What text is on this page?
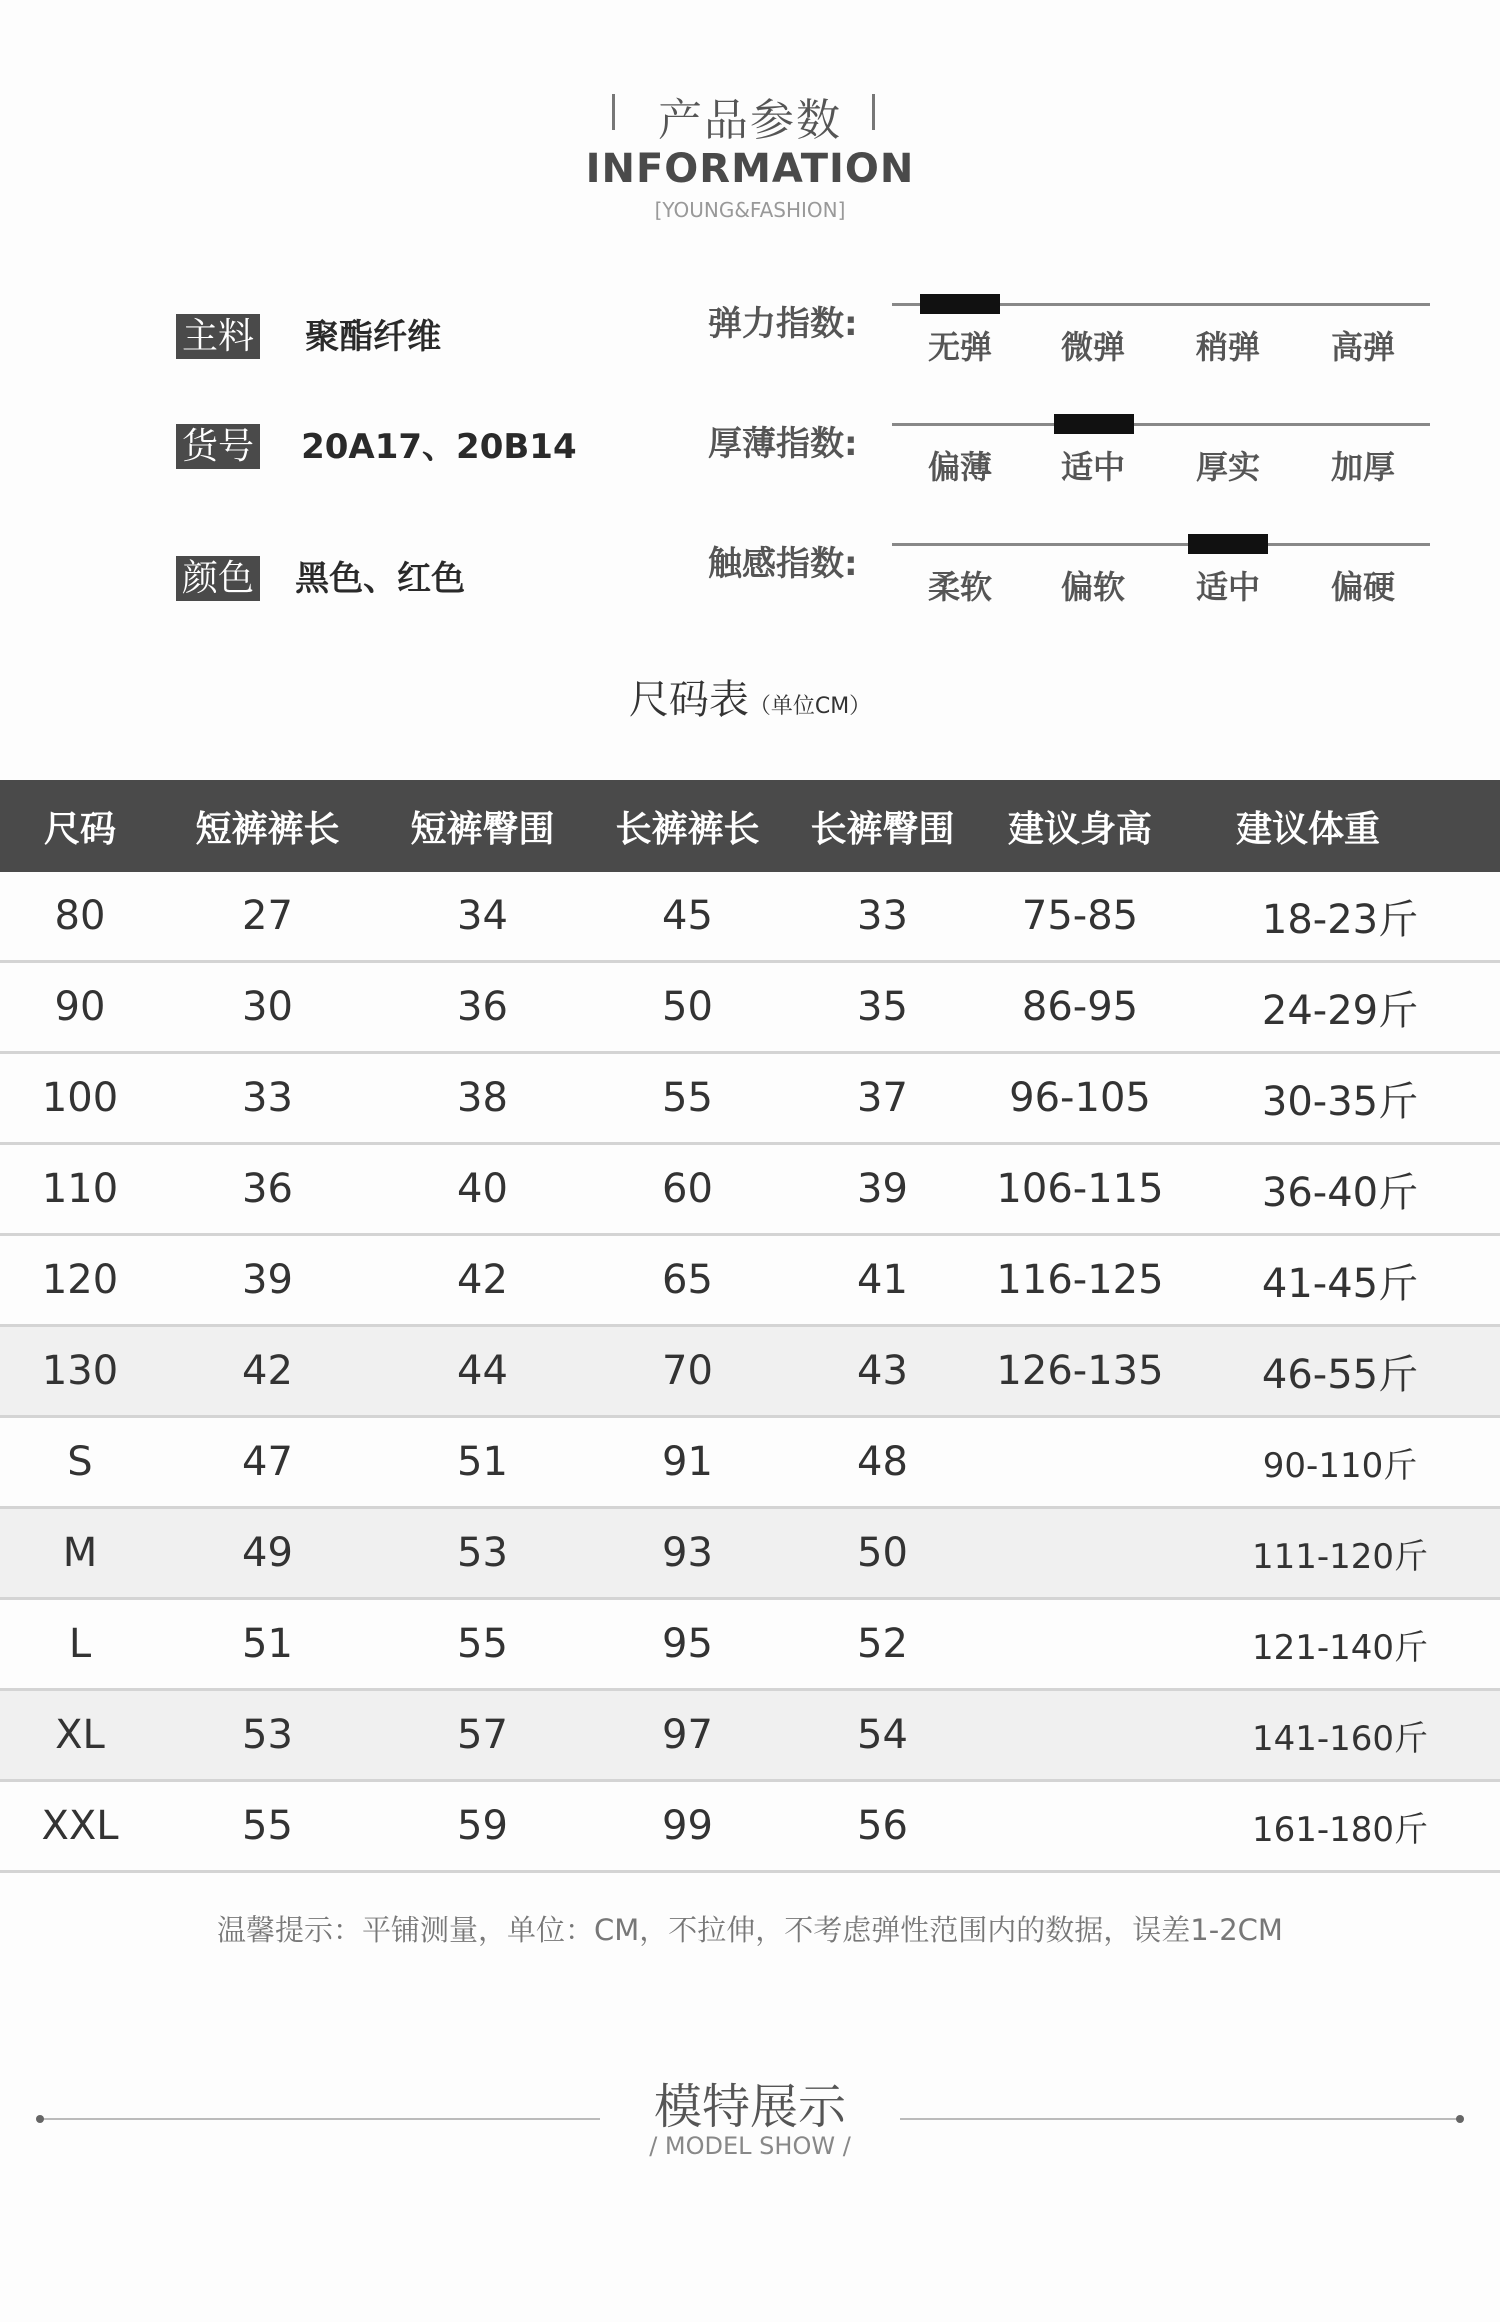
产品参数
INFORMATION
[YOUNG&FASHION]
主料 聚酯纤维
货号 20A17、20B14
颜色 黑色、红色
弹力指数:
无弹	微弹	稍弹	高弹
厚薄指数:
偏薄	适中	厚实	加厚
触感指数:
柔软	偏软	适中	偏硬
尺码表（单位CM）
尺码	短裤裤长	短裤臀围	长裤裤长	长裤臀围	建议身高	建议体重
80	27	34	45	33	75-85	18-23斤
90	30	36	50	35	86-95	24-29斤
100	33	38	55	37	96-105	30-35斤
110	36	40	60	39	106-115	36-40斤
120	39	42	65	41	116-125	41-45斤
130	42	44	70	43	126-135	46-55斤
S	47	51	91	48		90-110斤
M	49	53	93	50		111-120斤
L	51	55	95	52		121-140斤
XL	53	57	97	54		141-160斤
XXL	55	59	99	56		161-180斤
温馨提示：平铺测量，单位：CM，不拉伸，不考虑弹性范围内的数据，误差1-2CM
模特展示
/ MODEL SHOW /
